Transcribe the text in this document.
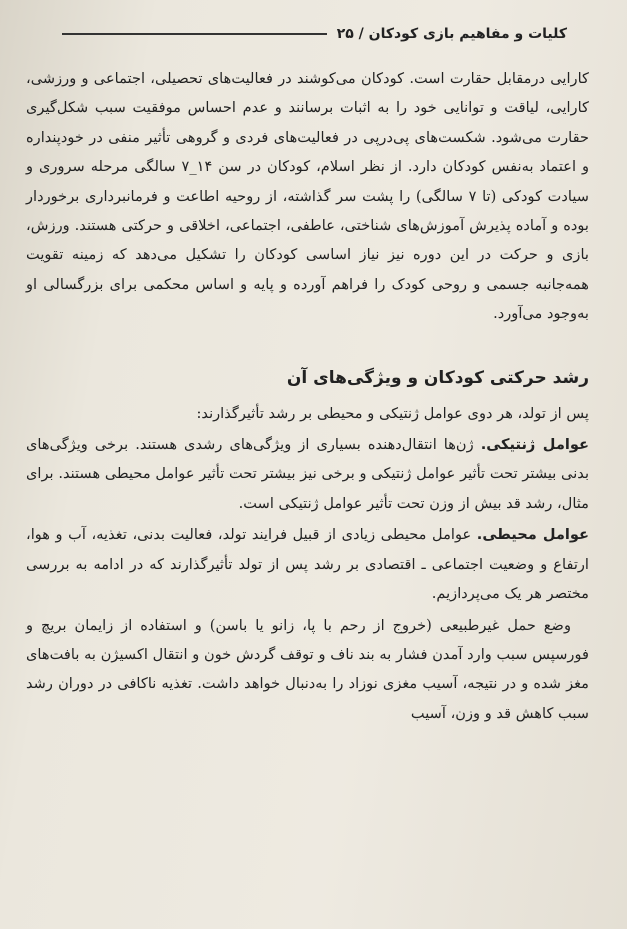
کلیات و مفاهیم بازی کودکان / ۲۵

کارایی درمقابل حقارت است. کودکان می‌کوشند در فعالیت‌های تحصیلی، اجتماعی و ورزشی، کارایی، لیاقت و توانایی خود را به اثبات برسانند و عدم احساس موفقیت سبب شکل‌گیری حقارت می‌شود. شکست‌های پی‌درپی در فعالیت‌های فردی و گروهی تأثیر منفی در خودپنداره و اعتماد به‌نفس کودکان دارد. از نظر اسلام، کودکان در سن ۱۴_۷ سالگی مرحله سروری و سیادت کودکی (تا ۷ سالگی) را پشت سر گذاشته، از روحیه اطاعت و فرمانبرداری برخوردار بوده و آماده پذیرش آموزش‌های شناختی، عاطفی، اجتماعی، اخلاقی و حرکتی هستند. ورزش، بازی و حرکت در این دوره نیز نیاز اساسی کودکان را تشکیل می‌دهد که زمینه تقویت همه‌جانبه جسمی و روحی کودک را فراهم آورده و پایه و اساس محکمی برای بزرگسالی او به‌وجود می‌آورد.

رشد حرکتی کودکان و ویژگی‌های آن

پس از تولد، هر دوی عوامل ژنتیکی و محیطی بر رشد تأثیرگذارند:

عوامل ژنتیکی. ژن‌ها انتقال‌دهنده بسیاری از ویژگی‌های رشدی هستند. برخی ویژگی‌های بدنی بیشتر تحت تأثیر عوامل ژنتیکی و برخی نیز بیشتر تحت تأثیر عوامل محیطی هستند. برای مثال، رشد قد بیش از وزن تحت تأثیر عوامل ژنتیکی است.

عوامل محیطی. عوامل محیطی زیادی از قبیل فرایند تولد، فعالیت بدنی، تغذیه، آب و هوا، ارتفاع و وضعیت اجتماعی ـ اقتصادی بر رشد پس از تولد تأثیرگذارند که در ادامه به بررسی مختصر هر یک می‌پردازیم.

وضع حمل غیرطبیعی (خروج از رحم با پا، زانو یا باسن) و استفاده از زایمان بریچ و فورسپس سبب وارد آمدن فشار به بند ناف و توقف گردش خون و انتقال اکسیژن به بافت‌های مغز شده و در نتیجه، آسیب مغزی نوزاد را به‌دنبال خواهد داشت. تغذیه ناکافی در دوران رشد سبب کاهش قد و وزن، آسیب
